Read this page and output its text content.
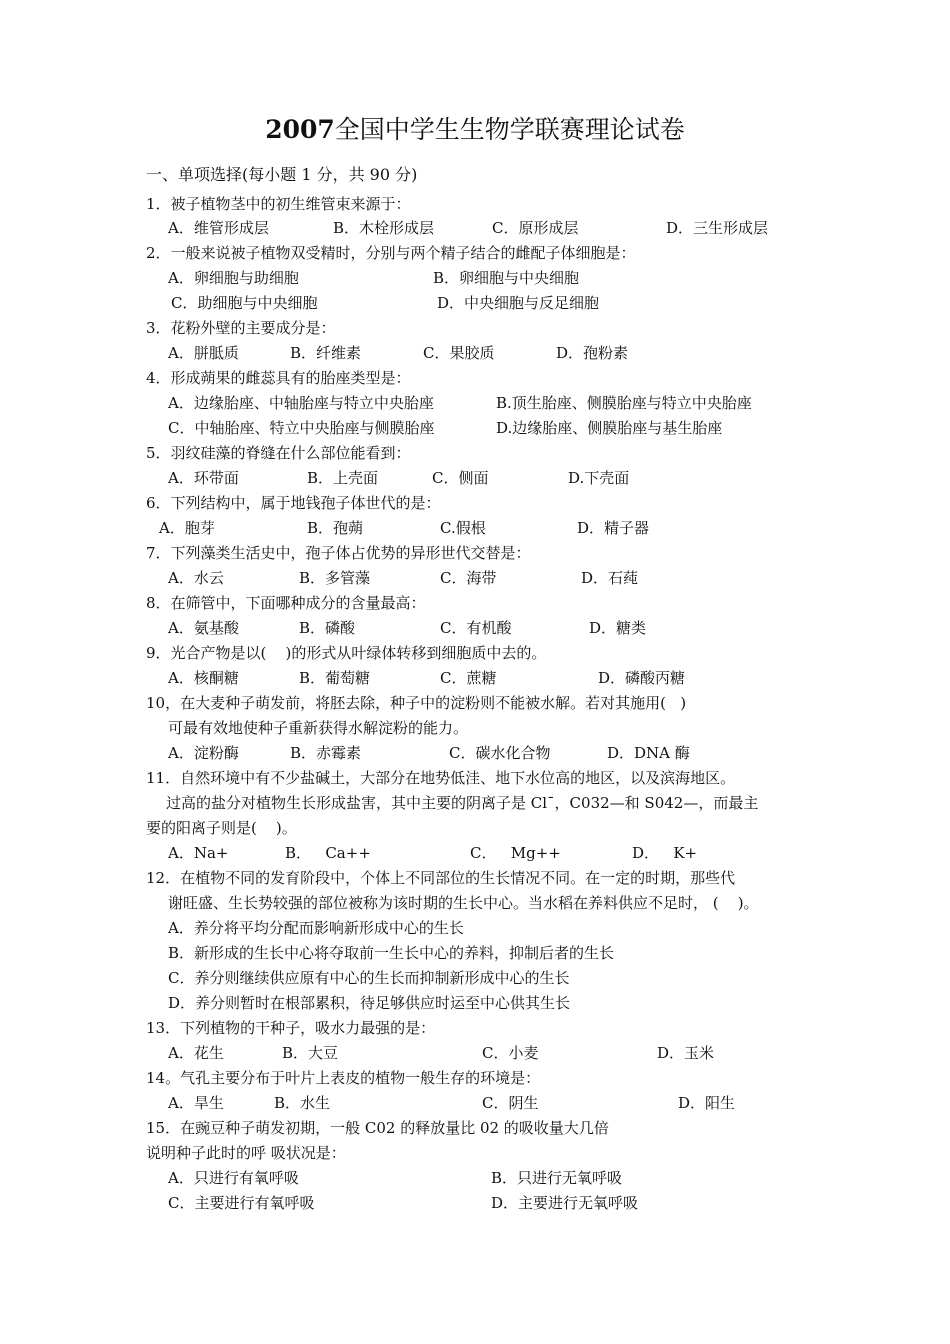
2007全国中学生生物学联赛理论试卷
一、单项选择(每小题 1 分，共 90 分)
1．被子植物茎中的初生维管束来源于：
A．维管形成层	B．木栓形成层	C．原形成层	D．三生形成层
2．一般来说被子植物双受精时，分别与两个精子结合的雌配子体细胞是：
A．卵细胞与助细胞	B．卵细胞与中央细胞
C．助细胞与中央细胞	D．中央细胞与反足细胞
3．花粉外壁的主要成分是：
A．胼胝质	B．纤维素	C．果胶质	D．孢粉素
4．形成蒴果的雌蕊具有的胎座类型是：
A．边缘胎座、中轴胎座与特立中央胎座	B.顶生胎座、侧膜胎座与特立中央胎座
C．中轴胎座、特立中央胎座与侧膜胎座	D.边缘胎座、侧膜胎座与基生胎座
5．羽纹硅藻的脊缝在什么部位能看到：
A．环带面	B．上壳面	C．侧面	D.下壳面
6．下列结构中，属于地钱孢子体世代的是：
A．胞芽	B．孢蒴	C.假根	D．精子器
7．下列藻类生活史中，孢子体占优势的异形世代交替是：
A．水云	B．多管藻	C．海带	D．石莼
8．在筛管中，下面哪种成分的含量最高：
A．氨基酸	B．磷酸	C．有机酸	D．糖类
9．光合产物是以(    )的形式从叶绿体转移到细胞质中去的。
A．核酮糖	B．葡萄糖	C．蔗糖	D．磷酸丙糖
10，在大麦种子萌发前，将胚去除，种子中的淀粉则不能被水解。若对其施用(   )
可最有效地使种子重新获得水解淀粉的能力。
A．淀粉酶	B．赤霉素	C．碳水化合物	D．DNA 酶
11．自然环境中有不少盐碱土，大部分在地势低洼、地下水位高的地区，以及滨海地区。
过高的盐分对植物生长形成盐害，其中主要的阴离子是 Cl¯，C032—和 S042—，而最主
要的阳离子则是(    )。
A．Na+	B．   Ca++	C．   Mg++	D．   K+
12．在植物不同的发育阶段中，个体上不同部位的生长情况不同。在一定的时期，那些代
谢旺盛、生长势较强的部位被称为该时期的生长中心。当水稻在养料供应不足时， (    )。
A．养分将平均分配而影响新形成中心的生长
B．新形成的生长中心将夺取前一生长中心的养料，抑制后者的生长
C．养分则继续供应原有中心的生长而抑制新形成中心的生长
D．养分则暂时在根部累积，待足够供应时运至中心供其生长
13．下列植物的干种子，吸水力最强的是：
A．花生	B．大豆	C．小麦	D．玉米
14。气孔主要分布于叶片上表皮的植物一般生存的环境是：
A．旱生	B．水生	C．阴生	D．阳生
15．在豌豆种子萌发初期，一般 C02 的释放量比 02 的吸收量大几倍
说明种子此时的呼 吸状况是：
A．只进行有氧呼吸	B．只进行无氧呼吸
C．主要进行有氧呼吸	D．主要进行无氧呼吸
